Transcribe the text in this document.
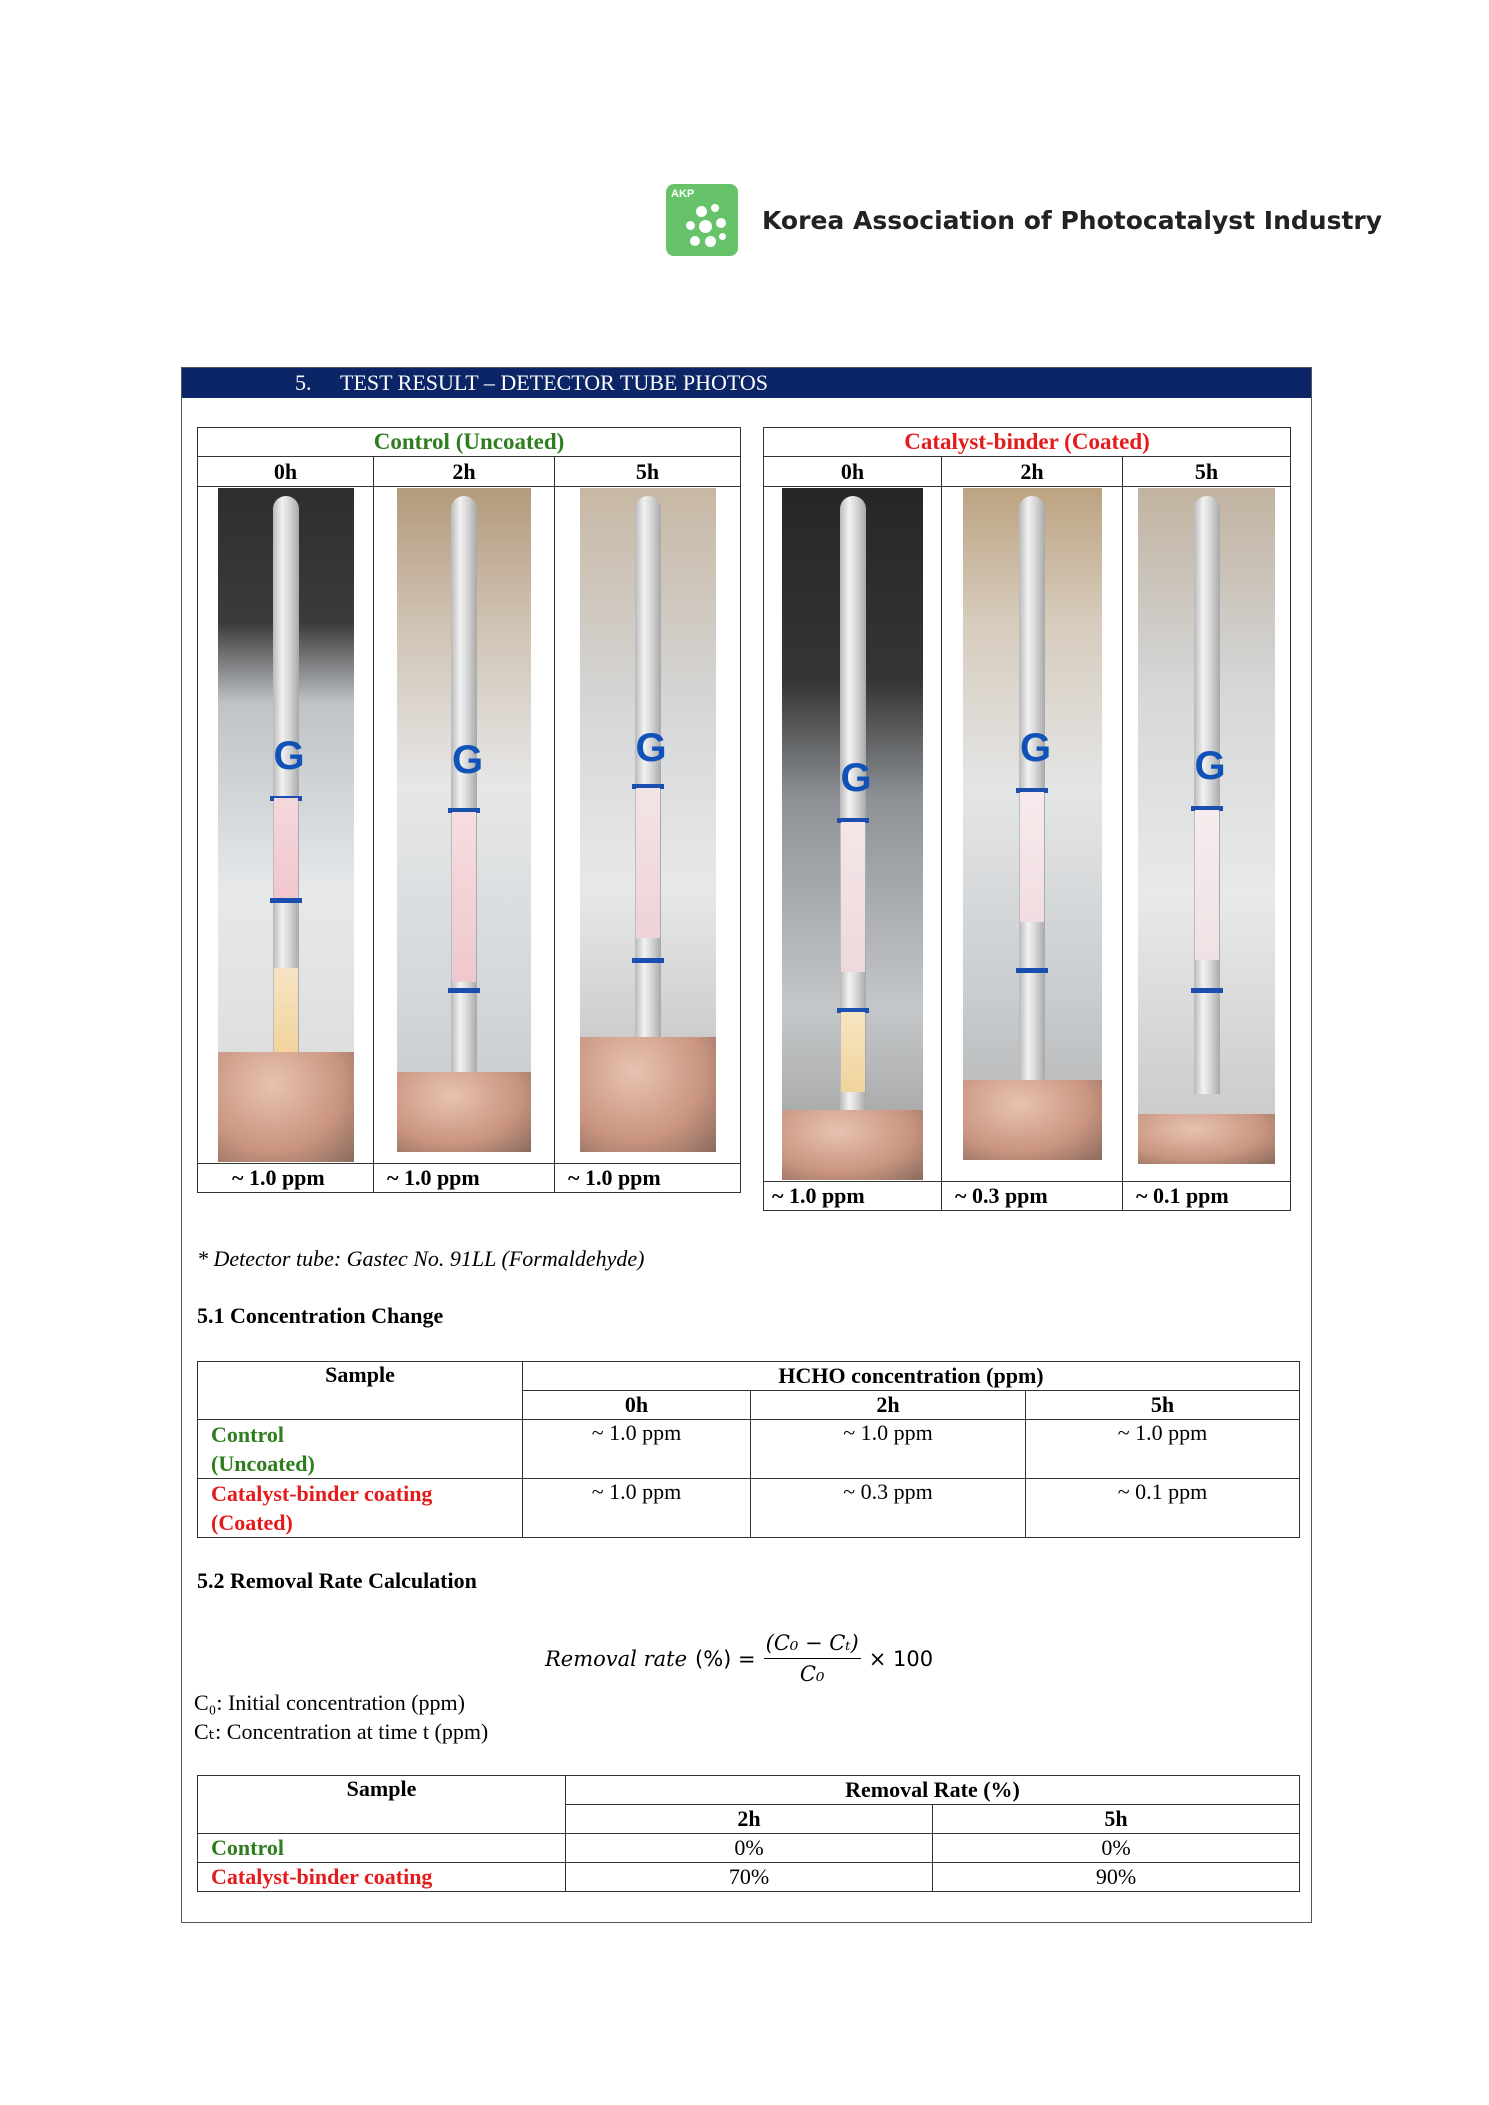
AKP
Korea Association of Photocatalyst Industry
5. TEST RESULT – DETECTOR TUBE PHOTOS
Control (Uncoated)		
0h	2h	5h

G	G	G

~ 1.0 ppm	~ 1.0 ppm	~ 1.0 ppm
Catalyst-binder (Coated)		
0h	2h	5h

G	G	G

~ 1.0 ppm	~ 0.3 ppm	~ 0.1 ppm
* Detector tube: Gastec No. 91LL (Formaldehyde)
5.1 Concentration Change
Sample	HCHO concentration (ppm)		
	0h	2h	5h

Control
(Uncoated)	~ 1.0 ppm	~ 1.0 ppm	~ 1.0 ppm

Catalyst-binder coating
(Coated)	~ 1.0 ppm	~ 0.3 ppm	~ 0.1 ppm
5.2 Removal Rate Calculation
Removal rate (%) = $\frac{\text{(C₀ − Cₜ)}}{\text{C₀}} \times 100$
C₀: Initial concentration (ppm)
Cₜ: Concentration at time t (ppm)
Sample	Removal Rate (%)	
	2h	5h
Control	0%	0%
Catalyst-binder coating	70%	90%
